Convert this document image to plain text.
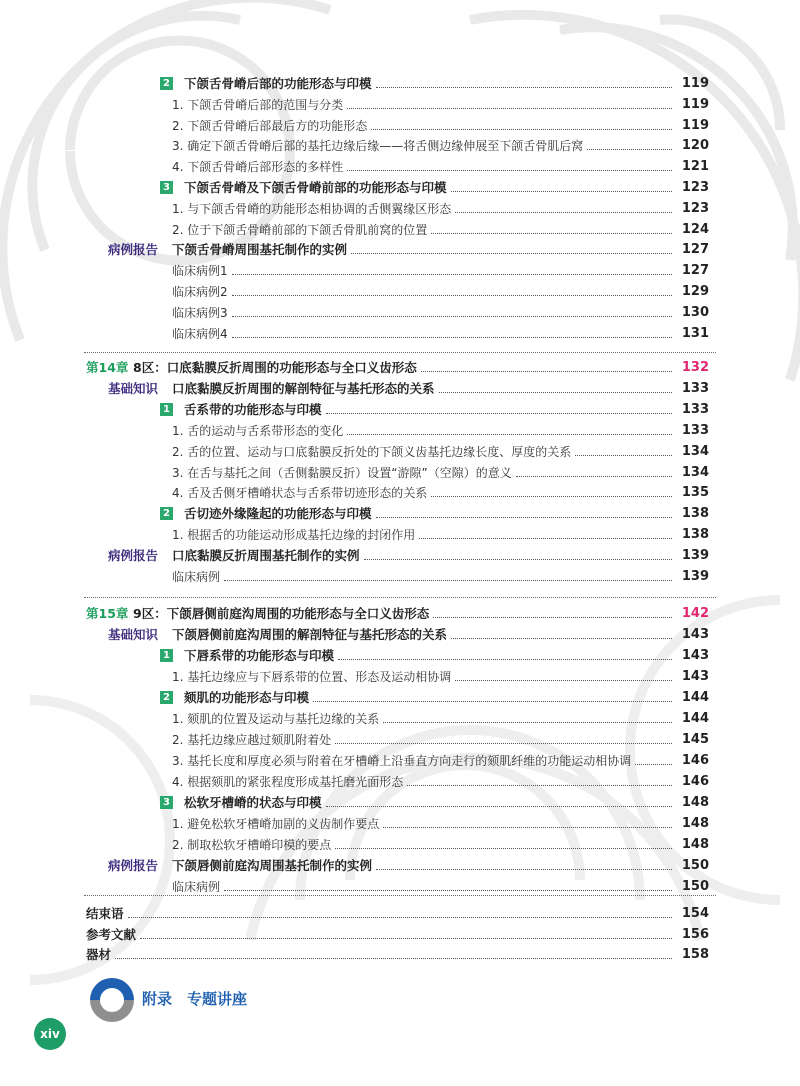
2 下颌舌骨嵴后部的功能形态与印模	119
1. 下颌舌骨嵴后部的范围与分类	119
2. 下颌舌骨嵴后部最后方的功能形态	119
3. 确定下颌舌骨嵴后部的基托边缘后缘——将舌侧边缘伸展至下颌舌骨肌后窝	120
4. 下颌舌骨嵴后部形态的多样性	121
3 下颌舌骨嵴及下颌舌骨嵴前部的功能形态与印模	123
1. 与下颌舌骨嵴的功能形态相协调的舌侧翼缘区形态	123
2. 位于下颌舌骨嵴前部的下颌舌骨肌前窝的位置	124
病例报告 下颌舌骨嵴周围基托制作的实例	127
临床病例1	127
临床病例2	129
临床病例3	130
临床病例4	131
第14章 8区：口底黏膜反折周围的功能形态与全口义齿形态	132
基础知识 口底黏膜反折周围的解剖特征与基托形态的关系	133
1 舌系带的功能形态与印模	133
1. 舌的运动与舌系带形态的变化	133
2. 舌的位置、运动与口底黏膜反折处的下颌义齿基托边缘长度、厚度的关系	134
3. 在舌与基托之间（舌侧黏膜反折）设置“游隙”（空隙）的意义	134
4. 舌及舌侧牙槽嵴状态与舌系带切迹形态的关系	135
2 舌切迹外缘隆起的功能形态与印模	138
1. 根据舌的功能运动形成基托边缘的封闭作用	138
病例报告 口底黏膜反折周围基托制作的实例	139
临床病例	139
第15章 9区：下颌唇侧前庭沟周围的功能形态与全口义齿形态	142
基础知识 下颌唇侧前庭沟周围的解剖特征与基托形态的关系	143
1 下唇系带的功能形态与印模	143
1. 基托边缘应与下唇系带的位置、形态及运动相协调	143
2 颏肌的功能形态与印模	144
1. 颏肌的位置及运动与基托边缘的关系	144
2. 基托边缘应越过颏肌附着处	145
3. 基托长度和厚度必须与附着在牙槽嵴上沿垂直方向走行的颏肌纤维的功能运动相协调	146
4. 根据颏肌的紧张程度形成基托磨光面形态	146
3 松软牙槽嵴的状态与印模	148
1. 避免松软牙槽嵴加剧的义齿制作要点	148
2. 制取松软牙槽嵴印模的要点	148
病例报告 下颌唇侧前庭沟周围基托制作的实例	150
临床病例	150
结束语	154
参考文献	156
器材	158
附录　专题讲座
xiv
